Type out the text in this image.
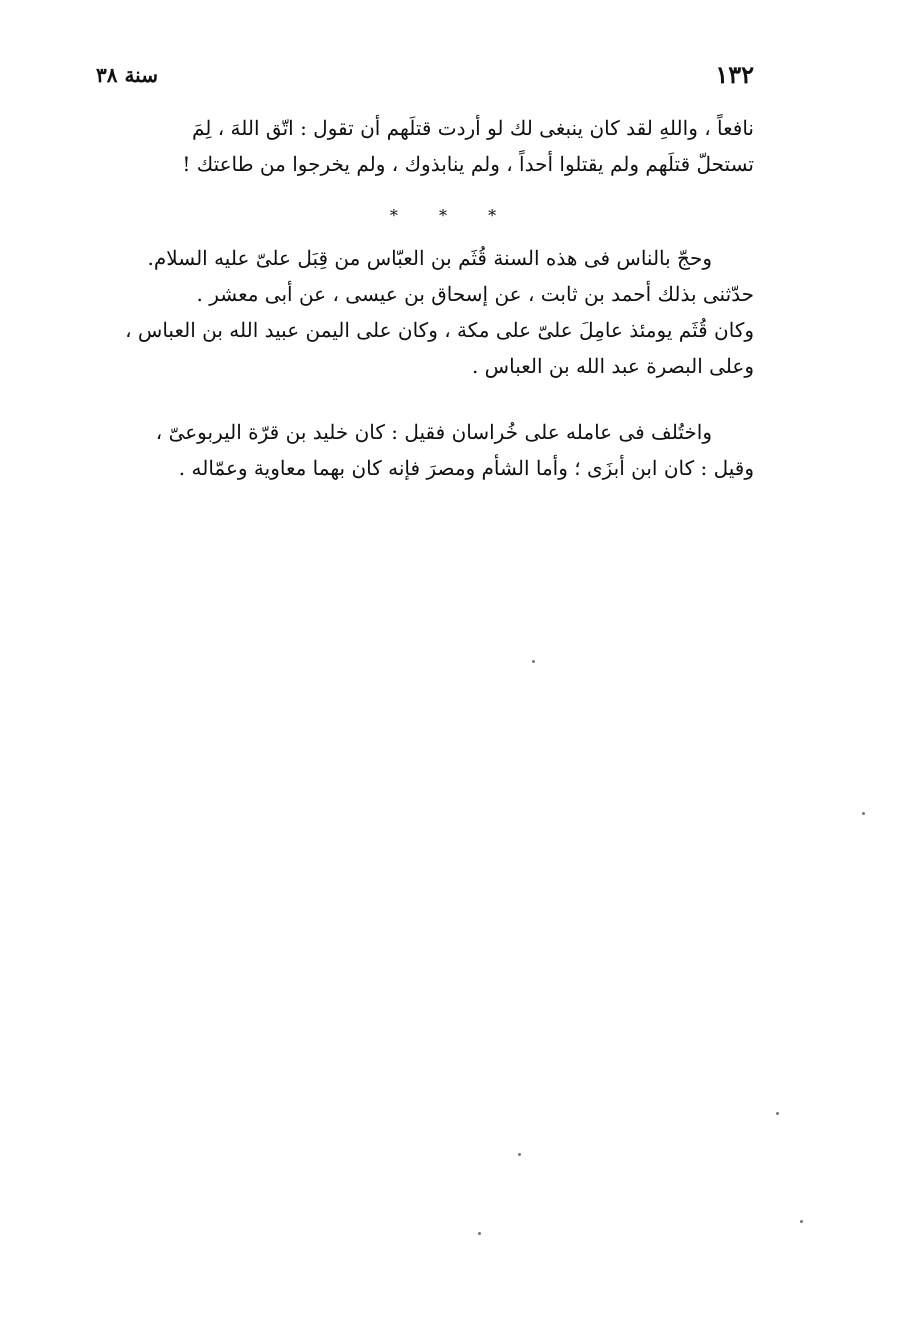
١٣٢
سنة ٣٨
نافعاً ، واللهِ لقد كان ينبغى لك لو أردت قتلَهم أن تقول : اتّق اللهَ ، لِمَ
تستحلّ قتلَهم ولم يقتلوا أحداً ، ولم ينابذوك ، ولم يخرجوا من طاعتك !
* * *
وحجّ بالناس فى هذه السنة قُثَم بن العبّاس من قِبَل علىّ عليه السلام.
حدّثنى بذلك أحمد بن ثابت ، عن إسحاق بن عيسى ، عن أبى معشر .
وكان قُثَم يومئذ عامِلَ علىّ على مكة ، وكان على اليمن عبيد الله بن العباس ،
وعلى البصرة عبد الله بن العباس .
واختُلف فى عامله على خُراسان فقيل : كان خليد بن قرّة اليربوعىّ ،
وقيل : كان ابن أبزَى ؛ وأما الشأم ومصرَ فإنه كان بهما معاوية وعمّاله .
